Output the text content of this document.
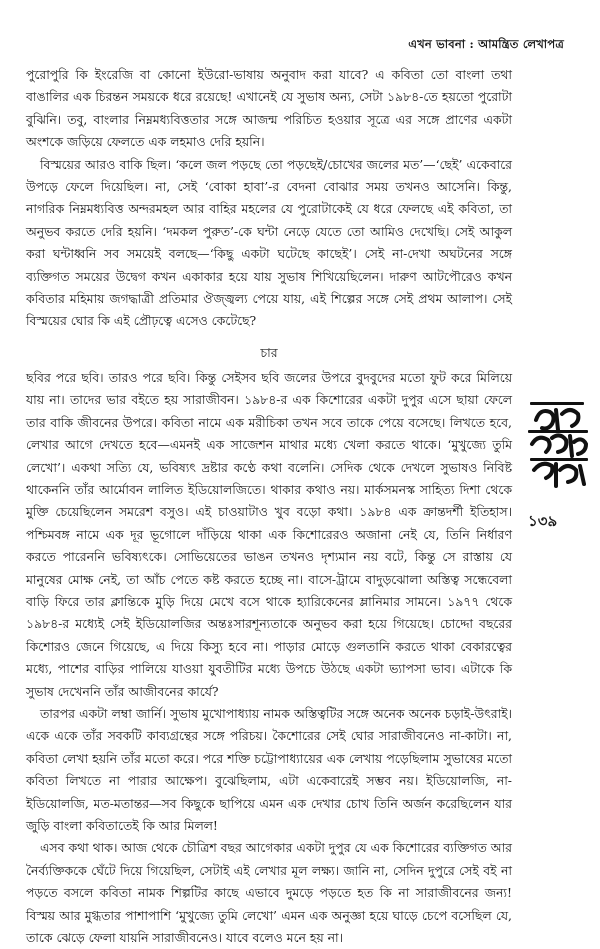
এখন ভাবনা : আমন্ত্রিত লেখাপত্র

পুরোপুরি কি ইংরেজি বা কোনো ইউরো-ভাষায় অনুবাদ করা যাবে? এ কবিতা তো বাংলা তথা বাঙালির এক চিরন্তন সময়কে ধরে রয়েছে! এখানেই যে সুভাষ অন্য, সেটা ১৯৮৪-তে হয়তো পুরোটা বুঝিনি। তবু, বাংলার নিম্নমধ্যবিত্ততার সঙ্গে আজন্ম পরিচিত হওয়ার সূত্রে এর সঙ্গে প্রাণের একটা অংশকে জড়িয়ে ফেলতে এক লহমাও দেরি হয়নি।

বিস্ময়ের আরও বাকি ছিল। ‘কলে জল পড়ছে তো পড়ছেই/চোখের জলের মত’—‘ছেই’ একেবারে উপড়ে ফেলে দিয়েছিল। না, সেই ‘বোকা হাবা’-র বেদনা বোঝার সময় তখনও আসেনি। কিন্তু, নাগরিক নিম্নমধ্যবিত্ত অন্দরমহল আর বাহির মহলের যে পুরোটাকেই যে ধরে ফেলছে এই কবিতা, তা অনুভব করতে দেরি হয়নি। ‘দমকল পুরুত’-কে ঘন্টা নেড়ে যেতে তো আমিও দেখেছি। সেই আকুল করা ঘন্টাধ্বনি সব সময়েই বলছে—‘কিছু একটা ঘটেছে কাছেই’। সেই না-দেখা অঘটনের সঙ্গে ব্যক্তিগত সময়ের উদ্বেগ কখন একাকার হয়ে যায় সুভাষ শিখিয়েছিলেন। দারুণ আটপৌরেও কখন কবিতার মহিমায় জগদ্ধাত্রী প্রতিমার ঔজ্জ্বল্য পেয়ে যায়, এই শিল্পের সঙ্গে সেই প্রথম আলাপ। সেই বিস্ময়ের ঘোর কি এই প্রৌঢ়ত্বে এসেও কেটেছে?

চার

ছবির পরে ছবি। তারও পরে ছবি। কিন্তু সেইসব ছবি জলের উপরে বুদবুদের মতো ফুট করে মিলিয়ে যায় না। তাদের ভার বইতে হয় সারাজীবন। ১৯৮৪-র এক কিশোরের একটা দুপুর এসে ছায়া ফেলে তার বাকি জীবনের উপরে। কবিতা নামে এক মরীচিকা তখন সবে তাকে পেয়ে বসেছে। লিখতে হবে, লেখার আগে দেখতে হবে—এমনই এক সাজেশন মাথার মধ্যে খেলা করতে থাকে। ‘মুখুজ্যে তুমি লেখো’। একথা সত্যি যে, ভবিষ্যৎ দ্রষ্টার কণ্ঠে কথা বলেনি। সেদিক থেকে দেখলে সুভাষও নিবিষ্ট থাকেননি তাঁর আর্মোবন লালিত ইডিয়োলজিতে। থাকার কথাও নয়। মার্কসমনস্ক সাহিত্য দিশা থেকে মুক্তি চেয়েছিলেন সমরেশ বসুও। এই চাওয়াটাও খুব বড়ো কথা। ১৯৮৪ এক ক্রান্তদর্শী ইতিহাস। পশ্চিমবঙ্গ নামে এক দূর ভূগোলে দাঁড়িয়ে থাকা এক কিশোরেরও অজানা নেই যে, তিনি নির্ধারণ করতে পারেননি ভবিষ্যৎকে। সোভিয়েতের ভাঙন তখনও দৃশ্যমান নয় বটে, কিন্তু সে রাস্তায় যে মানুষের মোক্ষ নেই, তা আঁচ পেতে কষ্ট করতে হচ্ছে না। বাসে-ট্রামে বাদুড়ঝোলা অস্তিত্ব সন্ধেবেলা বাড়ি ফিরে তার ক্লান্তিকে মুড়ি দিয়ে মেখে বসে থাকে হ্যারিকেনের ম্লানিমার সামনে। ১৯৭৭ থেকে ১৯৮৪-র মধ্যেই সেই ইডিয়োলজির অন্তঃসারশূন্যতাকে অনুভব করা হয়ে গিয়েছে। চোদ্দো বছরের কিশোরও জেনে গিয়েছে, এ দিয়ে কিস্যু হবে না। পাড়ার মোড়ে গুলতানি করতে থাকা বেকারত্বের মধ্যে, পাশের বাড়ির পালিয়ে যাওয়া যুবতীটির মধ্যে উপচে উঠছে একটা ভ্যাপসা ভাব। এটাকে কি সুভাষ দেখেননি তাঁর আজীবনের কার্যে?

তারপর একটা লম্বা জার্নি। সুভাষ মুখোপাধ্যায় নামক অস্তিত্বটির সঙ্গে অনেক অনেক চড়াই-উৎরাই। একে একে তাঁর সবকটি কাব্যগ্রন্থের সঙ্গে পরিচয়। কৈশোরের সেই ঘোর সারাজীবনেও না-কাটা। না, কবিতা লেখা হয়নি তাঁর মতো করে। পরে শক্তি চট্টোপাধ্যায়ের এক লেখায় পড়েছিলাম সুভাষের মতো কবিতা লিখতে না পারার আক্ষেপ। বুঝেছিলাম, এটা একেবারেই সম্ভব নয়। ইডিয়োলজি, না-ইডিয়োলজি, মত-মতান্তর—সব কিছুকে ছাপিয়ে এমন এক দেখার চোখ তিনি অর্জন করেছিলেন যার জুড়ি বাংলা কবিতাতেই কি আর মিলল!

এসব কথা থাক। আজ থেকে চৌত্রিশ বছর আগেকার একটা দুপুর যে এক কিশোরের ব্যক্তিগত আর নৈর্ব্যক্তিককে ঘেঁটে দিয়ে গিয়েছিল, সেটাই এই লেখার মূল লক্ষ্য। জানি না, সেদিন দুপুরে সেই বই না পড়তে বসলে কবিতা নামক শিল্পটির কাছে এভাবে দুমড়ে পড়তে হত কি না সারাজীবনের জন্য! বিস্ময় আর মুগ্ধতার পাশাপাশি ‘মুখুজ্যে তুমি লেখো’ এমন এক অনুজ্ঞা হয়ে ঘাড়ে চেপে বসেছিল যে, তাকে ঝেড়ে ফেলা যায়নি সারাজীবনেও। যাবে বলেও মনে হয় না।

১৩৯
